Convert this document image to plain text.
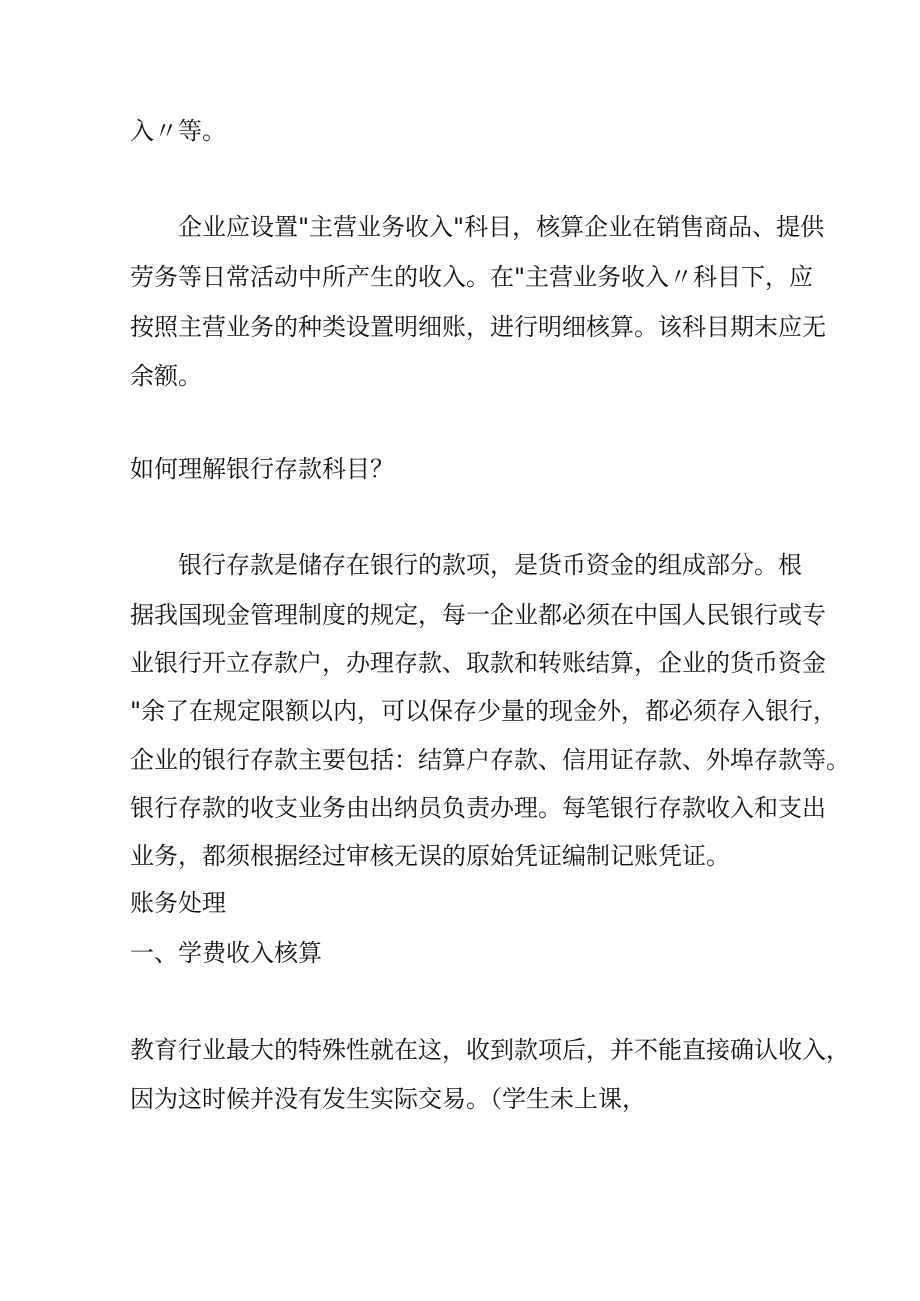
入〃等。
企业应设置"主营业务收入"科目，核算企业在销售商品、提供
劳务等日常活动中所产生的收入。在"主营业务收入〃科目下，应
按照主营业务的种类设置明细账，进行明细核算。该科目期末应无
余额。
如何理解银行存款科目？
银行存款是储存在银行的款项，是货币资金的组成部分。根
据我国现金管理制度的规定，每一企业都必须在中国人民银行或专
业银行开立存款户，办理存款、取款和转账结算，企业的货币资金
"余了在规定限额以内，可以保存少量的现金外，都必须存入银行，
企业的银行存款主要包括：结算户存款、信用证存款、外埠存款等。
银行存款的收支业务由出纳员负责办理。每笔银行存款收入和支出
业务，都须根据经过审核无误的原始凭证编制记账凭证。
账务处理
一、学费收入核算
教育行业最大的特殊性就在这，收到款项后，并不能直接确认收入，
因为这时候并没有发生实际交易。（学生未上课，
